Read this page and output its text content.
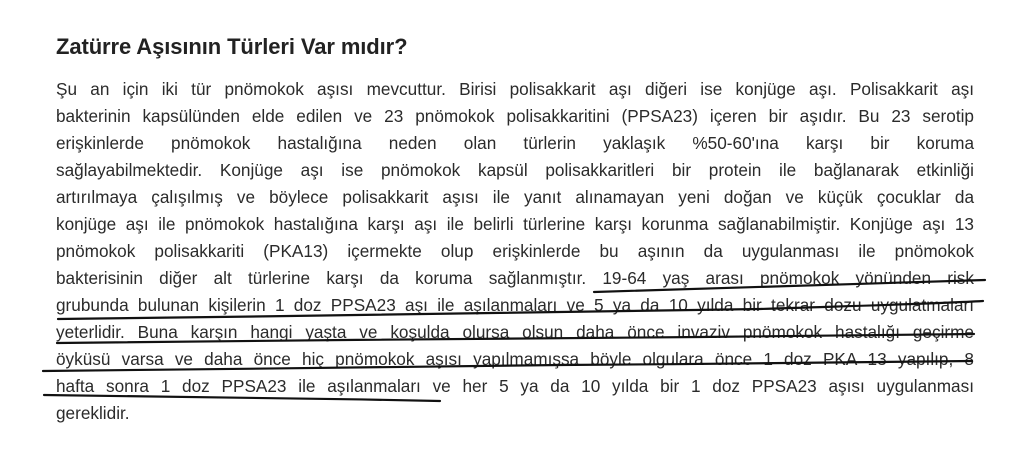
Zatürre Aşısının Türleri Var mıdır?
Şu an için iki tür pnömokok aşısı mevcuttur. Birisi polisakkarit aşı diğeri ise konjüge aşı. Polisakkarit aşı
bakterinin kapsülünden elde edilen ve 23 pnömokok polisakkaritini (PPSA23) içeren bir aşıdır. Bu 23 serotip
erişkinlerde pnömokok hastalığına neden olan türlerin yaklaşık %50-60'ına karşı bir koruma
sağlayabilmektedir. Konjüge aşı ise pnömokok kapsül polisakkaritleri bir protein ile bağlanarak etkinliği
artırılmaya çalışılmış ve böylece polisakkarit aşısı ile yanıt alınamayan yeni doğan ve küçük çocuklar da
konjüge aşı ile pnömokok hastalığına karşı aşı ile belirli türlerine karşı korunma sağlanabilmiştir. Konjüge aşı 13
pnömokok polisakkariti (PKA13) içermekte olup erişkinlerde bu aşının da uygulanması ile pnömokok
bakterisinin diğer alt türlerine karşı da koruma sağlanmıştır. 19-64 yaş arası pnömokok yönünden risk
grubunda bulunan kişilerin 1 doz PPSA23 aşı ile aşılanmaları ve 5 ya da 10 yılda bir tekrar dozu uygulatmaları
yeterlidir. Buna karşın hangi yaşta ve koşulda olursa olsun daha önce invaziv pnömokok hastalığı geçirme
öyküsü varsa ve daha önce hiç pnömokok aşısı yapılmamışsa böyle olgulara önce 1 doz PKA 13 yapılıp, 8
hafta sonra 1 doz PPSA23 ile aşılanmaları ve her 5 ya da 10 yılda bir 1 doz PPSA23 aşısı uygulanması
gereklidir.
